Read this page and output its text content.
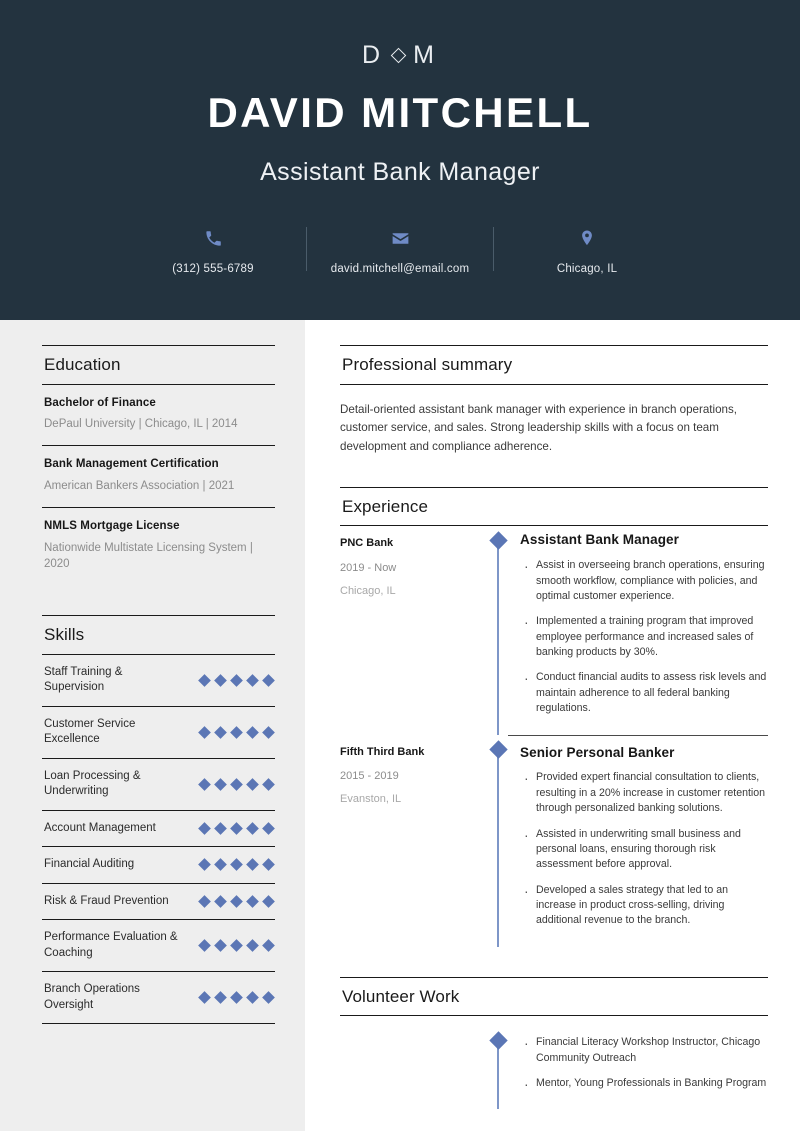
D M
DAVID MITCHELL
Assistant Bank Manager
(312) 555-6789	david.mitchell@email.com	Chicago, IL
Education
Bachelor of Finance
DePaul University | Chicago, IL | 2014
Bank Management Certification
American Bankers Association | 2021
NMLS Mortgage License
Nationwide Multistate Licensing System | 2020
Skills
Staff Training & Supervision
Customer Service Excellence
Loan Processing & Underwriting
Account Management
Financial Auditing
Risk & Fraud Prevention
Performance Evaluation & Coaching
Branch Operations Oversight
Professional summary

Detail-oriented assistant bank manager with experience in branch operations, customer service, and sales. Strong leadership skills with a focus on team development and compliance adherence.

Experience
PNC Bank
2019 - Now
Chicago, IL
Assistant Bank Manager
· Assist in overseeing branch operations, ensuring smooth workflow, compliance with policies, and optimal customer experience.
· Implemented a training program that improved employee performance and increased sales of banking products by 30%.
· Conduct financial audits to assess risk levels and maintain adherence to all federal banking regulations.
Fifth Third Bank
2015 - 2019
Evanston, IL
Senior Personal Banker
· Provided expert financial consultation to clients, resulting in a 20% increase in customer retention through personalized banking solutions.
· Assisted in underwriting small business and personal loans, ensuring thorough risk assessment before approval.
· Developed a sales strategy that led to an increase in product cross-selling, driving additional revenue to the branch.
Volunteer Work
· Financial Literacy Workshop Instructor, Chicago Community Outreach
· Mentor, Young Professionals in Banking Program
